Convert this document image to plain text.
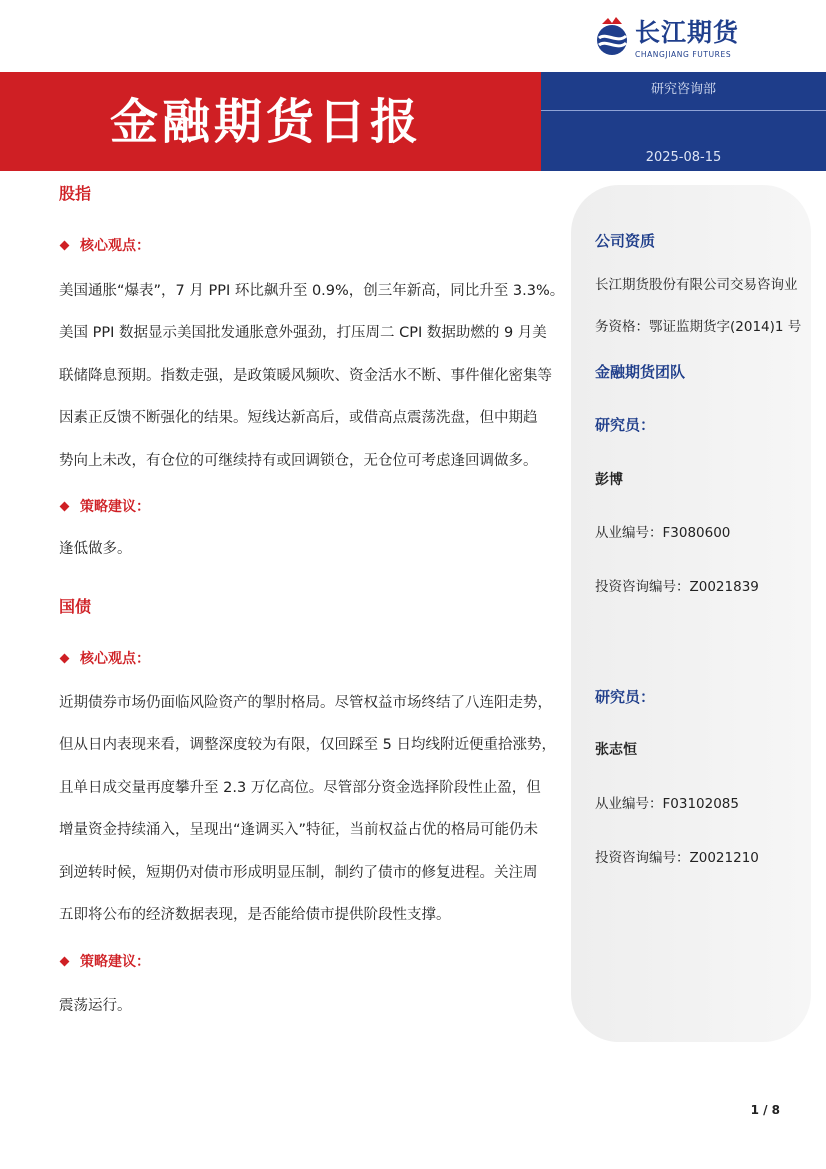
长江期货
CHANGJIANG FUTURES
金融期货日报
研究咨询部
2025-08-15
股指
核心观点：
美国通胀“爆表”，7 月 PPI 环比飙升至 0.9%，创三年新高，同比升至 3.3%。
美国 PPI 数据显示美国批发通胀意外强劲，打压周二 CPI 数据助燃的 9 月美
联储降息预期。指数走强，是政策暖风频吹、资金活水不断、事件催化密集等
因素正反馈不断强化的结果。短线达新高后，或借高点震荡洗盘，但中期趋
势向上未改，有仓位的可继续持有或回调锁仓，无仓位可考虑逢回调做多。
策略建议：
逢低做多。
国债
核心观点：
近期债券市场仍面临风险资产的掣肘格局。尽管权益市场终结了八连阳走势，
但从日内表现来看，调整深度较为有限，仅回踩至 5 日均线附近便重拾涨势，
且单日成交量再度攀升至 2.3 万亿高位。尽管部分资金选择阶段性止盈，但
增量资金持续涌入，呈现出“逢调买入”特征，当前权益占优的格局可能仍未
到逆转时候，短期仍对债市形成明显压制，制约了债市的修复进程。关注周
五即将公布的经济数据表现，是否能给债市提供阶段性支撑。
策略建议：
震荡运行。
公司资质
长江期货股份有限公司交易咨询业
务资格：鄂证监期货字(2014)1 号
金融期货团队
研究员：
彭博
从业编号：F3080600
投资咨询编号：Z0021839
研究员：
张志恒
从业编号：F03102085
投资咨询编号：Z0021210
1 / 8
